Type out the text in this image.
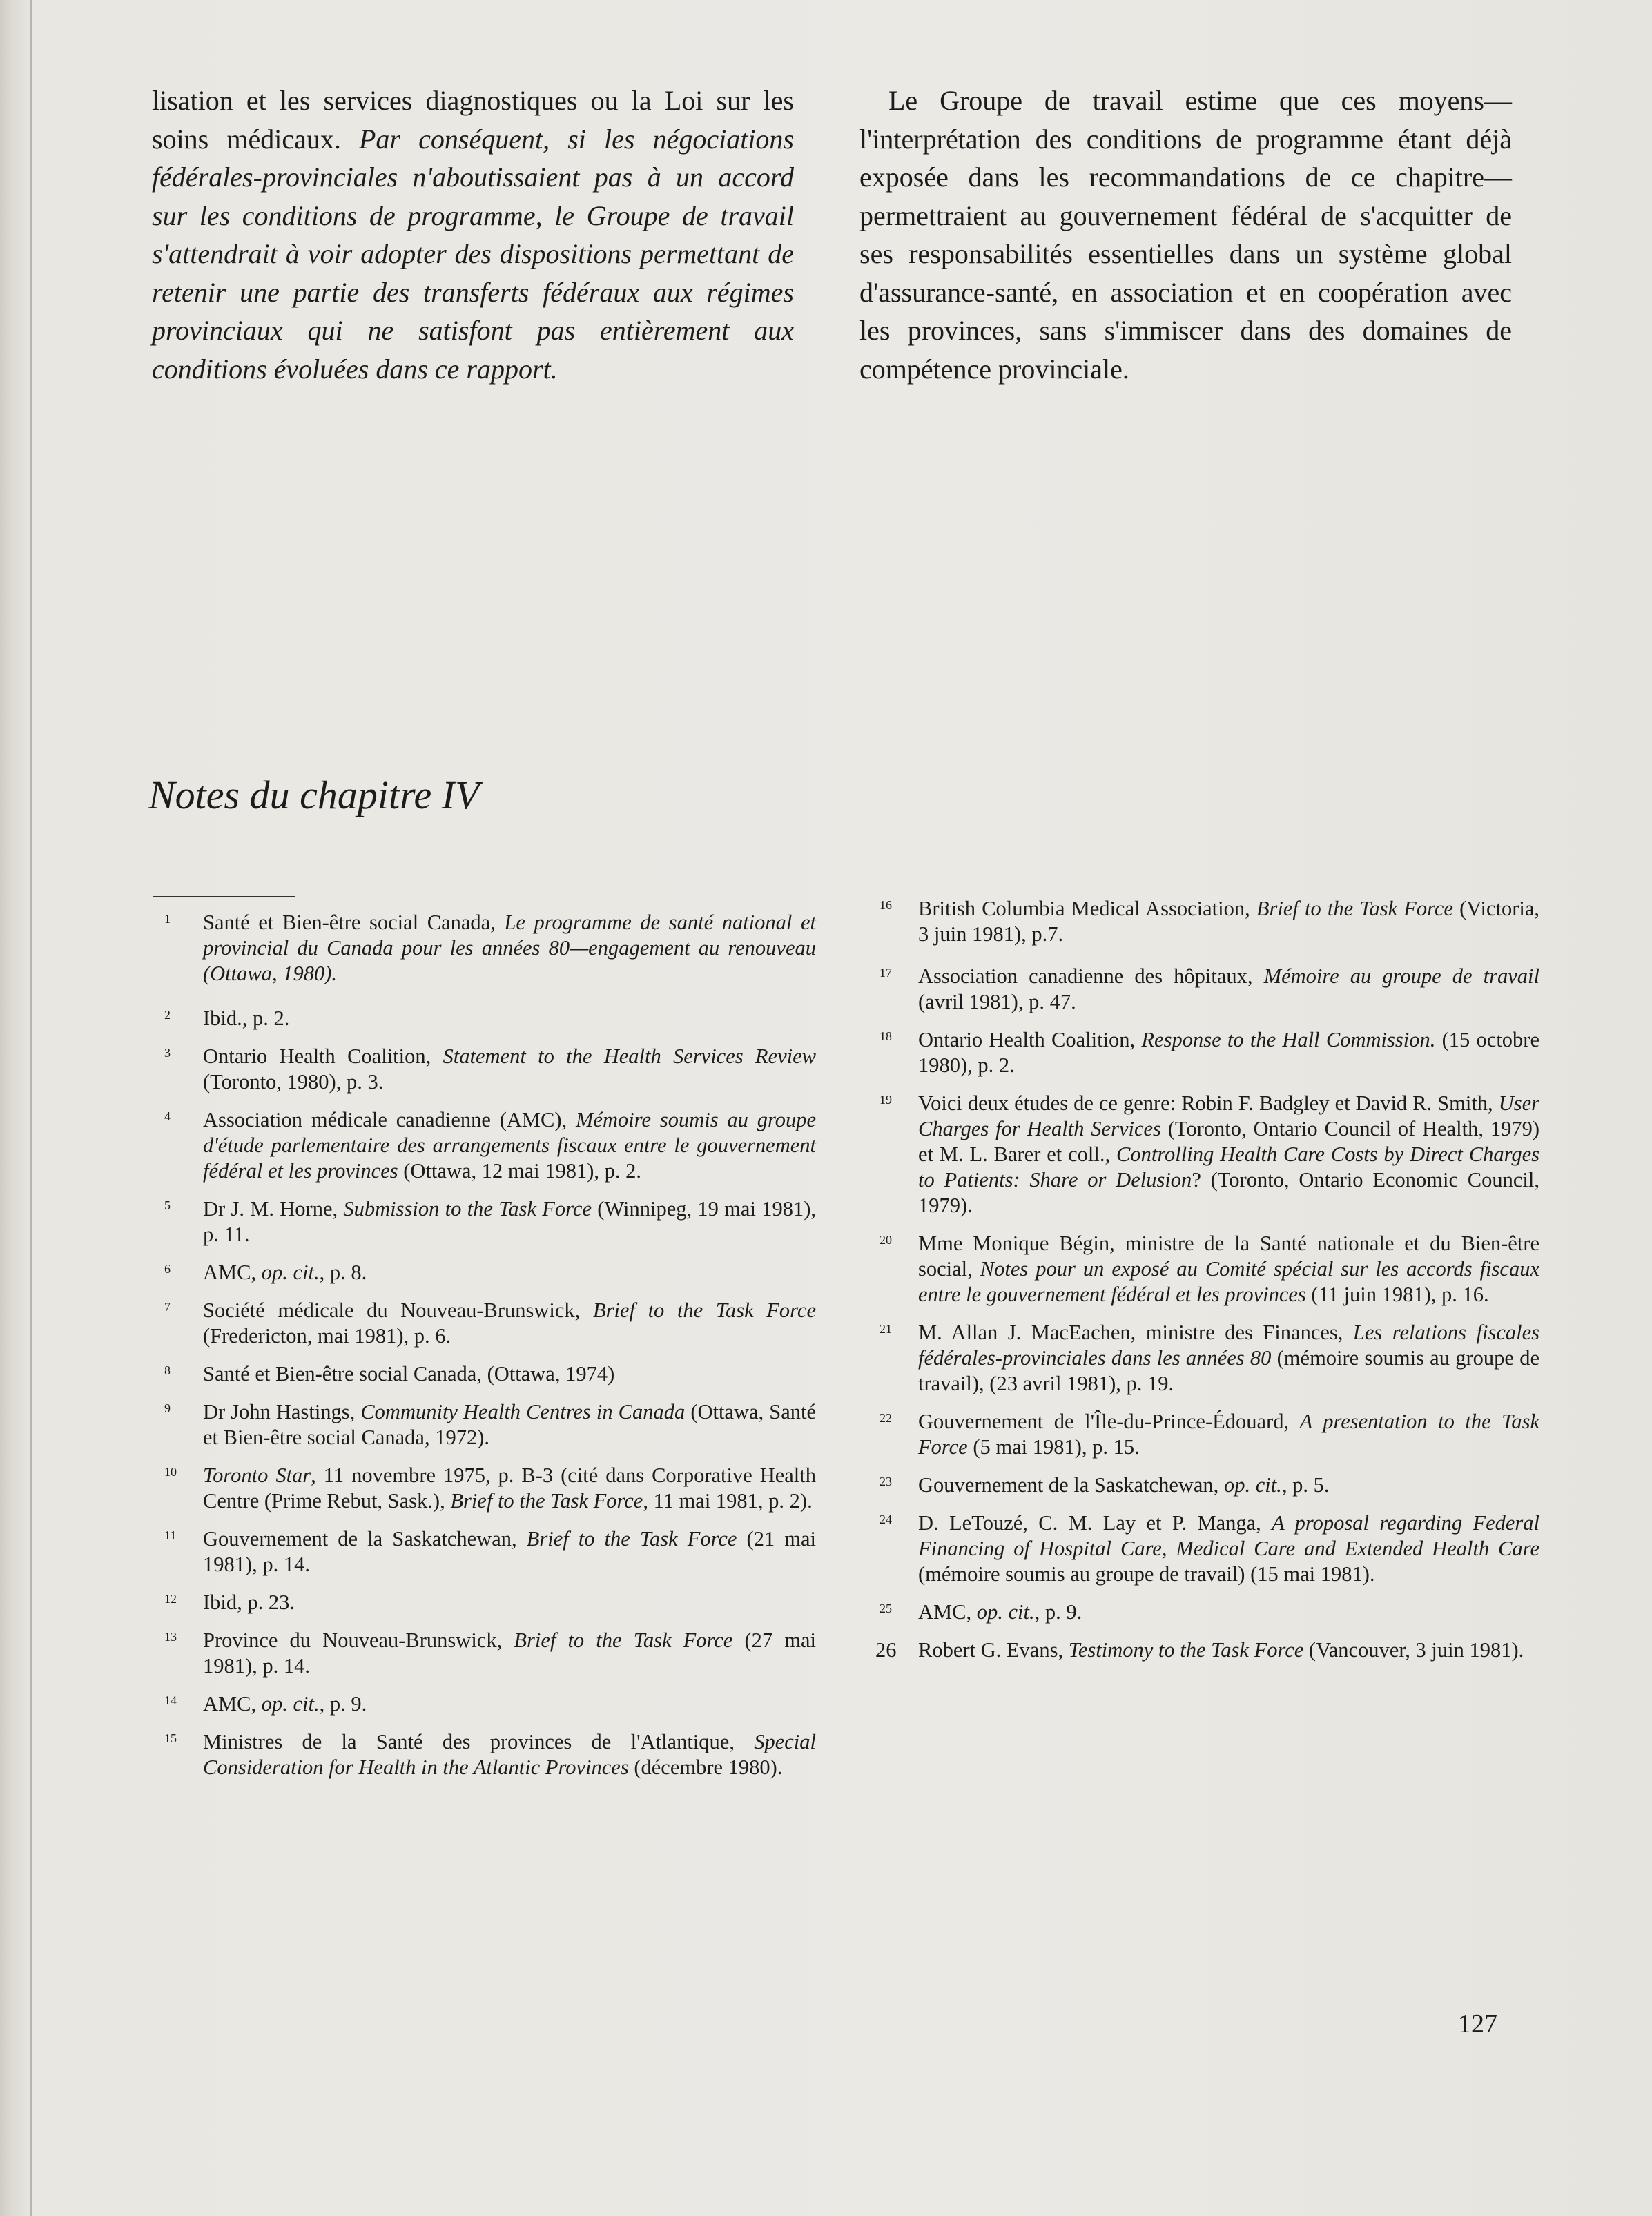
lisation et les services diagnostiques ou la Loi sur les soins médicaux. Par conséquent, si les négociations fédérales-provinciales n'aboutissaient pas à un accord sur les conditions de programme, le Groupe de travail s'attendrait à voir adopter des dispositions permettant de retenir une partie des transferts fédéraux aux régimes provinciaux qui ne satisfont pas entièrement aux conditions évoluées dans ce rapport.

Le Groupe de travail estime que ces moyens—l'interprétation des conditions de programme étant déjà exposée dans les recommandations de ce chapitre—permettraient au gouvernement fédéral de s'acquitter de ses responsabilités essentielles dans un système global d'assurance-santé, en association et en coopération avec les provinces, sans s'immiscer dans des domaines de compétence provinciale.

Notes du chapitre IV

1 Santé et Bien-être social Canada, Le programme de santé national et provincial du Canada pour les années 80—engagement au renouveau (Ottawa, 1980).

2 Ibid., p. 2.

3 Ontario Health Coalition, Statement to the Health Services Review (Toronto, 1980), p. 3.

4 Association médicale canadienne (AMC), Mémoire soumis au groupe d'étude parlementaire des arrangements fiscaux entre le gouvernement fédéral et les provinces (Ottawa, 12 mai 1981), p. 2.

5 Dr J. M. Horne, Submission to the Task Force (Winnipeg, 19 mai 1981), p. 11.

6 AMC, op. cit., p. 8.

7 Société médicale du Nouveau-Brunswick, Brief to the Task Force (Fredericton, mai 1981), p. 6.

8 Santé et Bien-être social Canada, (Ottawa, 1974)

9 Dr John Hastings, Community Health Centres in Canada (Ottawa, Santé et Bien-être social Canada, 1972).

10 Toronto Star, 11 novembre 1975, p. B-3 (cité dans Corporative Health Centre (Prime Rebut, Sask.), Brief to the Task Force, 11 mai 1981, p. 2).

11 Gouvernement de la Saskatchewan, Brief to the Task Force (21 mai 1981), p. 14.

12 Ibid, p. 23.

13 Province du Nouveau-Brunswick, Brief to the Task Force (27 mai 1981), p. 14.

14 AMC, op. cit., p. 9.

15 Ministres de la Santé des provinces de l'Atlantique, Special Consideration for Health in the Atlantic Provinces (décembre 1980).

16 British Columbia Medical Association, Brief to the Task Force (Victoria, 3 juin 1981), p.7.

17 Association canadienne des hôpitaux, Mémoire au groupe de travail (avril 1981), p. 47.

18 Ontario Health Coalition, Response to the Hall Commission. (15 octobre 1980), p. 2.

19 Voici deux études de ce genre: Robin F. Badgley et David R. Smith, User Charges for Health Services (Toronto, Ontario Council of Health, 1979) et M. L. Barer et coll., Controlling Health Care Costs by Direct Charges to Patients: Share or Delusion? (Toronto, Ontario Economic Council, 1979).

20 Mme Monique Bégin, ministre de la Santé nationale et du Bien-être social, Notes pour un exposé au Comité spécial sur les accords fiscaux entre le gouvernement fédéral et les provinces (11 juin 1981), p. 16.

21 M. Allan J. MacEachen, ministre des Finances, Les relations fiscales fédérales-provinciales dans les années 80 (mémoire soumis au groupe de travail), (23 avril 1981), p. 19.

22 Gouvernement de l'Île-du-Prince-Édouard, A presentation to the Task Force (5 mai 1981), p. 15.

23 Gouvernement de la Saskatchewan, op. cit., p. 5.

24 D. LeTouzé, C. M. Lay et P. Manga, A proposal regarding Federal Financing of Hospital Care, Medical Care and Extended Health Care (mémoire soumis au groupe de travail) (15 mai 1981).

25 AMC, op. cit., p. 9.

26 Robert G. Evans, Testimony to the Task Force (Vancouver, 3 juin 1981).

127
